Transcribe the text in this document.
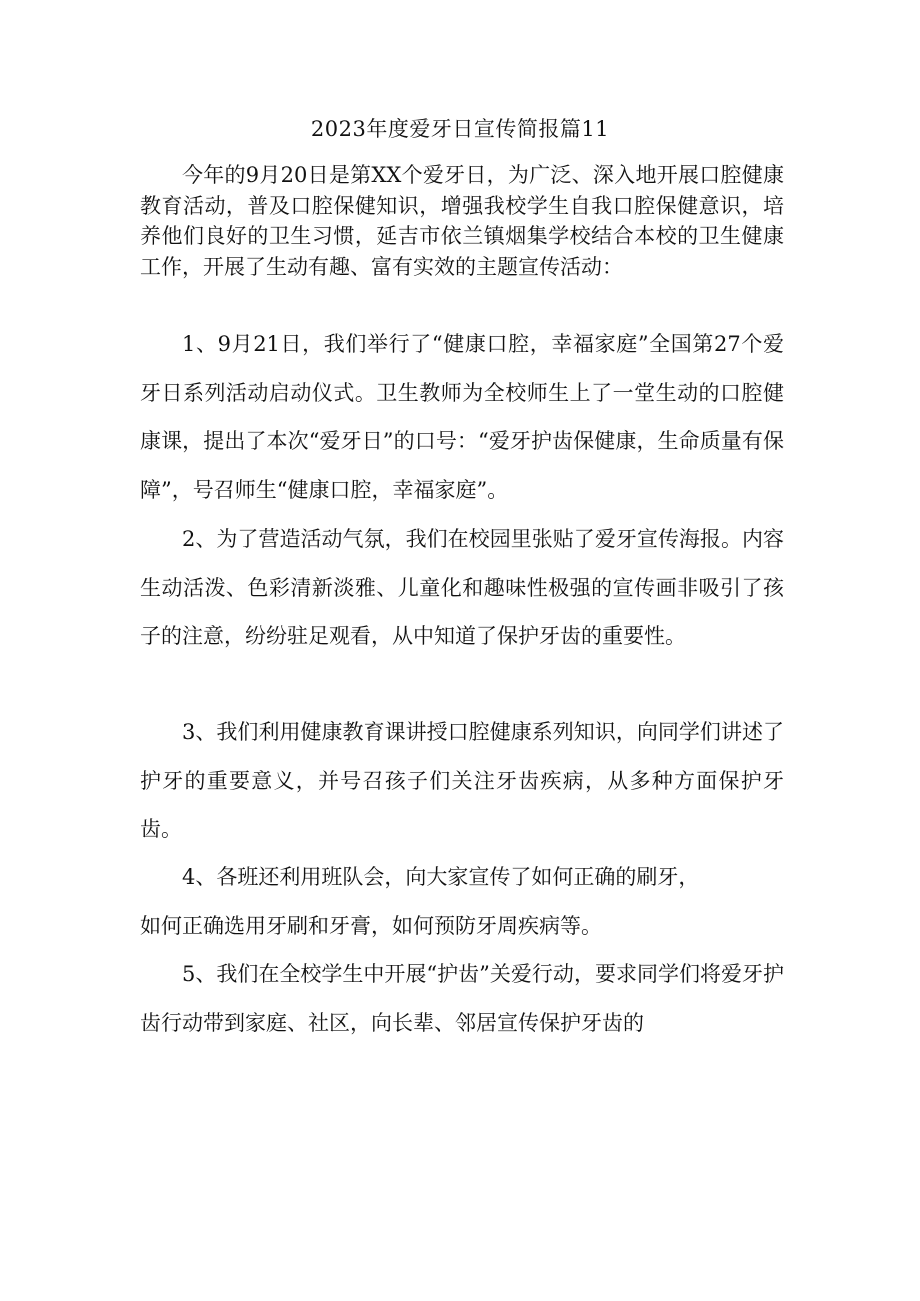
2023年度爱牙日宣传简报篇11

今年的9月20日是第XX个爱牙日，为广泛、深入地开展口腔健康教育活动，普及口腔保健知识，增强我校学生自我口腔保健意识，培养他们良好的卫生习惯，延吉市依兰镇烟集学校结合本校的卫生健康工作，开展了生动有趣、富有实效的主题宣传活动：

1、9月21日，我们举行了“健康口腔，幸福家庭”全国第27个爱牙日系列活动启动仪式。卫生教师为全校师生上了一堂生动的口腔健康课，提出了本次“爱牙日”的口号：“爱牙护齿保健康，生命质量有保障”，号召师生“健康口腔，幸福家庭”。

2、为了营造活动气氛，我们在校园里张贴了爱牙宣传海报。内容生动活泼、色彩清新淡雅、儿童化和趣味性极强的宣传画非吸引了孩子的注意，纷纷驻足观看，从中知道了保护牙齿的重要性。

3、我们利用健康教育课讲授口腔健康系列知识，向同学们讲述了护牙的重要意义，并号召孩子们关注牙齿疾病，从多种方面保护牙齿。

4、各班还利用班队会，向大家宣传了如何正确的刷牙，
如何正确选用牙刷和牙膏，如何预防牙周疾病等。

5、我们在全校学生中开展“护齿”关爱行动，要求同学们将爱牙护齿行动带到家庭、社区，向长辈、邻居宣传保护牙齿的
